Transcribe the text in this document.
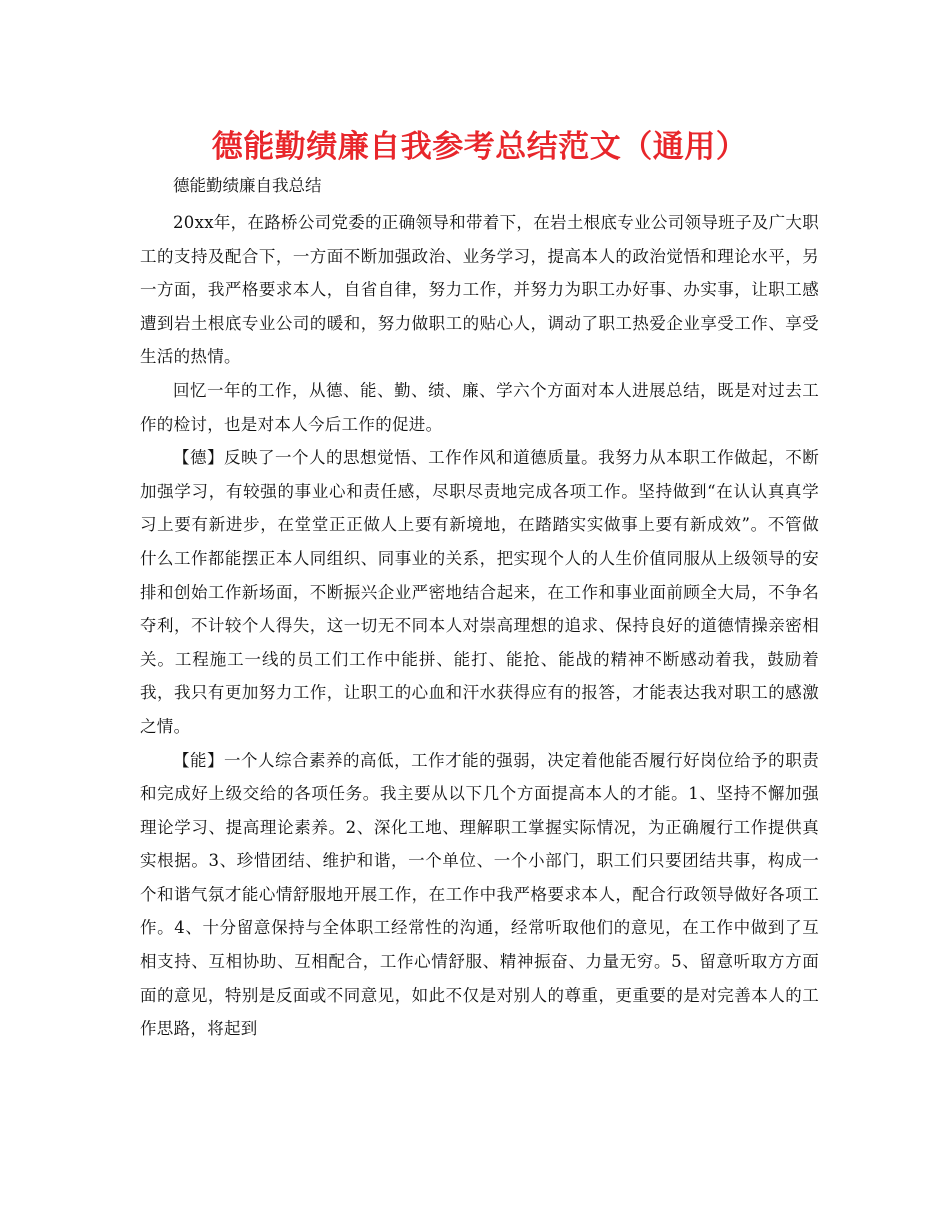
德能勤绩廉自我参考总结范文（通用）

德能勤绩廉自我总结

20xx年，在路桥公司党委的正确领导和带着下，在岩土根底专业公司领导班子及广大职工的支持及配合下，一方面不断加强政治、业务学习，提高本人的政治觉悟和理论水平，另一方面，我严格要求本人，自省自律，努力工作，并努力为职工办好事、办实事，让职工感遭到岩土根底专业公司的暖和，努力做职工的贴心人，调动了职工热爱企业享受工作、享受生活的热情。

回忆一年的工作，从德、能、勤、绩、廉、学六个方面对本人进展总结，既是对过去工作的检讨，也是对本人今后工作的促进。

【德】反映了一个人的思想觉悟、工作作风和道德质量。我努力从本职工作做起，不断加强学习，有较强的事业心和责任感，尽职尽责地完成各项工作。坚持做到“在认认真真学习上要有新进步，在堂堂正正做人上要有新境地，在踏踏实实做事上要有新成效”。不管做什么工作都能摆正本人同组织、同事业的关系，把实现个人的人生价值同服从上级领导的安排和创始工作新场面，不断振兴企业严密地结合起来，在工作和事业面前顾全大局，不争名夺利，不计较个人得失，这一切无不同本人对崇高理想的追求、保持良好的道德情操亲密相关。工程施工一线的员工们工作中能拼、能打、能抢、能战的精神不断感动着我，鼓励着我，我只有更加努力工作，让职工的心血和汗水获得应有的报答，才能表达我对职工的感激之情。

【能】一个人综合素养的高低，工作才能的强弱，决定着他能否履行好岗位给予的职责和完成好上级交给的各项任务。我主要从以下几个方面提高本人的才能。1、坚持不懈加强理论学习、提高理论素养。2、深化工地、理解职工掌握实际情况，为正确履行工作提供真实根据。3、珍惜团结、维护和谐，一个单位、一个小部门，职工们只要团结共事，构成一个和谐气氛才能心情舒服地开展工作，在工作中我严格要求本人，配合行政领导做好各项工作。4、十分留意保持与全体职工经常性的沟通，经常听取他们的意见，在工作中做到了互相支持、互相协助、互相配合，工作心情舒服、精神振奋、力量无穷。5、留意听取方方面面的意见，特别是反面或不同意见，如此不仅是对别人的尊重，更重要的是对完善本人的工作思路，将起到
